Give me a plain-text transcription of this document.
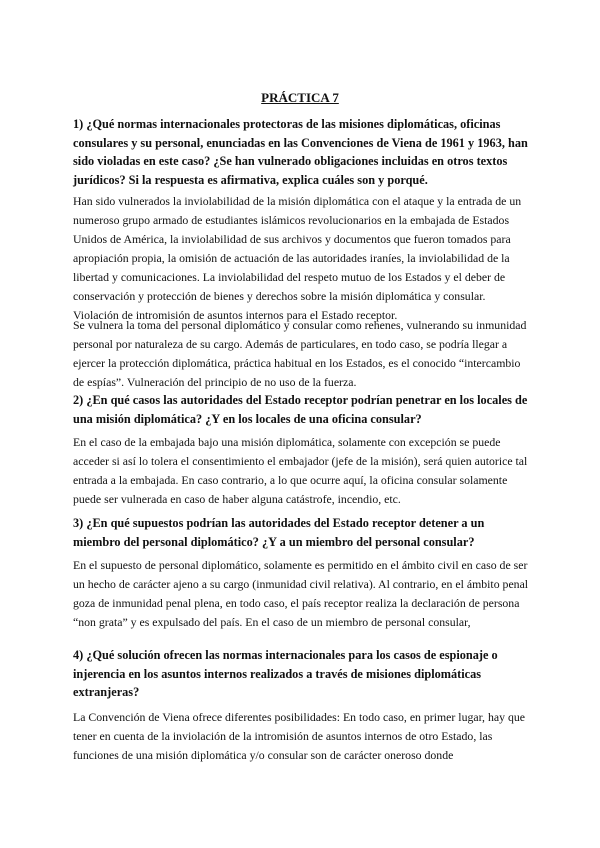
PRÁCTICA 7

1) ¿Qué normas internacionales protectoras de las misiones diplomáticas, oficinas consulares y su personal, enunciadas en las Convenciones de Viena de 1961 y 1963, han sido violadas en este caso? ¿Se han vulnerado obligaciones incluidas en otros textos jurídicos? Si la respuesta es afirmativa, explica cuáles son y porqué.

Han sido vulnerados la inviolabilidad de la misión diplomática con el ataque y la entrada de un numeroso grupo armado de estudiantes islámicos revolucionarios en la embajada de Estados Unidos de América, la inviolabilidad de sus archivos y documentos que fueron tomados para apropiación propia, la omisión de actuación de las autoridades iraníes, la inviolabilidad de la libertad y comunicaciones. La inviolabilidad del respeto mutuo de los Estados y el deber de conservación y protección de bienes y derechos sobre la misión diplomática y consular. Violación de intromisión de asuntos internos para el Estado receptor.

Se vulnera la toma del personal diplomático y consular como rehenes, vulnerando su inmunidad personal por naturaleza de su cargo. Además de particulares, en todo caso, se podría llegar a ejercer la protección diplomática, práctica habitual en los Estados, es el conocido “intercambio de espías”. Vulneración del principio de no uso de la fuerza.

2) ¿En qué casos las autoridades del Estado receptor podrían penetrar en los locales de una misión diplomática? ¿Y en los locales de una oficina consular?

En el caso de la embajada bajo una misión diplomática, solamente con excepción se puede acceder si así lo tolera el consentimiento el embajador (jefe de la misión), será quien autorice tal entrada a la embajada. En caso contrario, a lo que ocurre aquí, la oficina consular solamente puede ser vulnerada en caso de haber alguna catástrofe, incendio, etc.

3) ¿En qué supuestos podrían las autoridades del Estado receptor detener a un miembro del personal diplomático? ¿Y a un miembro del personal consular?

En el supuesto de personal diplomático, solamente es permitido en el ámbito civil en caso de ser un hecho de carácter ajeno a su cargo (inmunidad civil relativa). Al contrario, en el ámbito penal goza de inmunidad penal plena, en todo caso, el país receptor realiza la declaración de persona “non grata” y es expulsado del país. En el caso de un miembro de personal consular,

4) ¿Qué solución ofrecen las normas internacionales para los casos de espionaje o injerencia en los asuntos internos realizados a través de misiones diplomáticas extranjeras?

La Convención de Viena ofrece diferentes posibilidades: En todo caso, en primer lugar, hay que tener en cuenta de la inviolación de la intromisión de asuntos internos de otro Estado, las funciones de una misión diplomática y/o consular son de carácter oneroso donde
